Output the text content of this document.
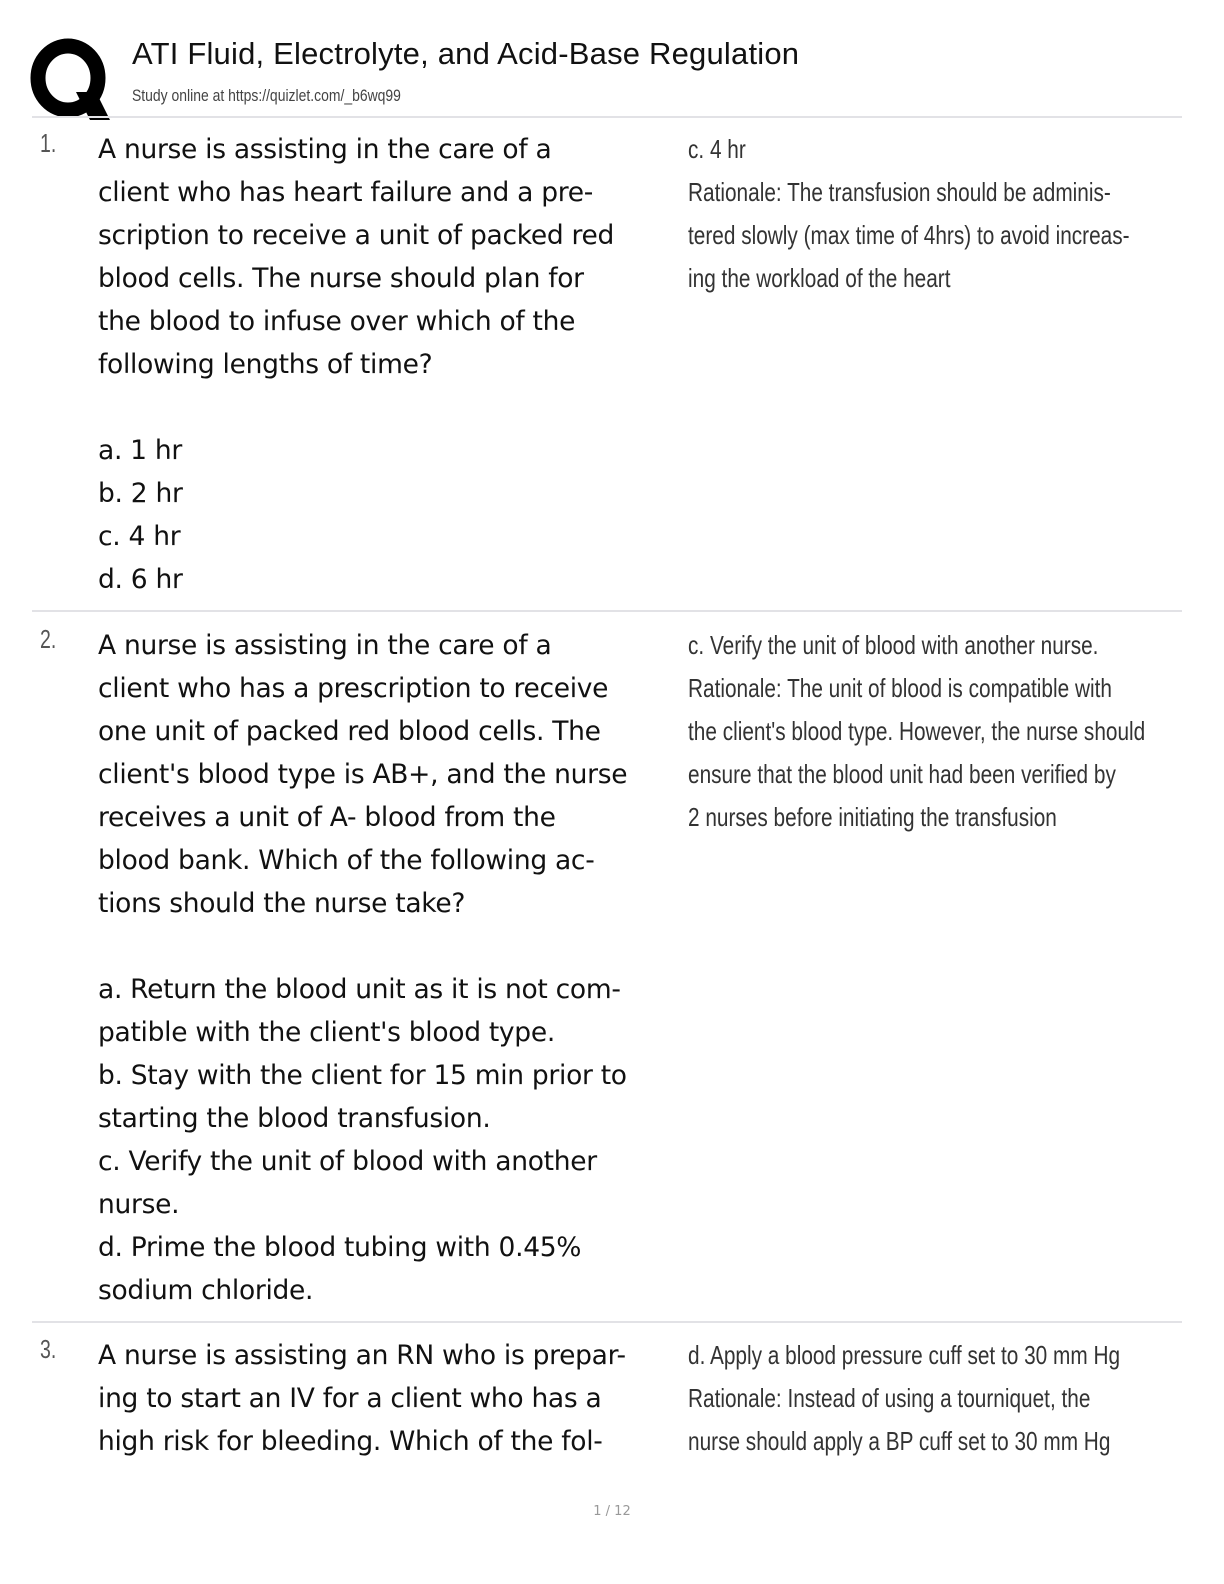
ATI Fluid, Electrolyte, and Acid-Base Regulation
Study online at https://quizlet.com/_b6wq99
1. A nurse is assisting in the care of a

client who has heart failure and a pre-

scription to receive a unit of packed red

blood cells. The nurse should plan for

the blood to infuse over which of the

following lengths of time?

a. 1 hr

b. 2 hr

c. 4 hr

d. 6 hr

c. 4 hr
Rationale: The transfusion should be adminis-
tered slowly (max time of 4hrs) to avoid increas-
ing the workload of the heart
2. A nurse is assisting in the care of a

client who has a prescription to receive

one unit of packed red blood cells. The

client's blood type is AB+, and the nurse

receives a unit of A- blood from the

blood bank. Which of the following ac-

tions should the nurse take?

a. Return the blood unit as it is not com-

patible with the client's blood type.

b. Stay with the client for 15 min prior to

starting the blood transfusion.

c. Verify the unit of blood with another

nurse.

d. Prime the blood tubing with 0.45%

sodium chloride.

c. Verify the unit of blood with another nurse.
Rationale: The unit of blood is compatible with
the client's blood type. However, the nurse should
ensure that the blood unit had been verified by
2 nurses before initiating the transfusion
3. A nurse is assisting an RN who is prepar-

ing to start an IV for a client who has a

high risk for bleeding. Which of the fol-

d. Apply a blood pressure cuff set to 30 mm Hg
Rationale: Instead of using a tourniquet, the
nurse should apply a BP cuff set to 30 mm Hg
1 / 12
